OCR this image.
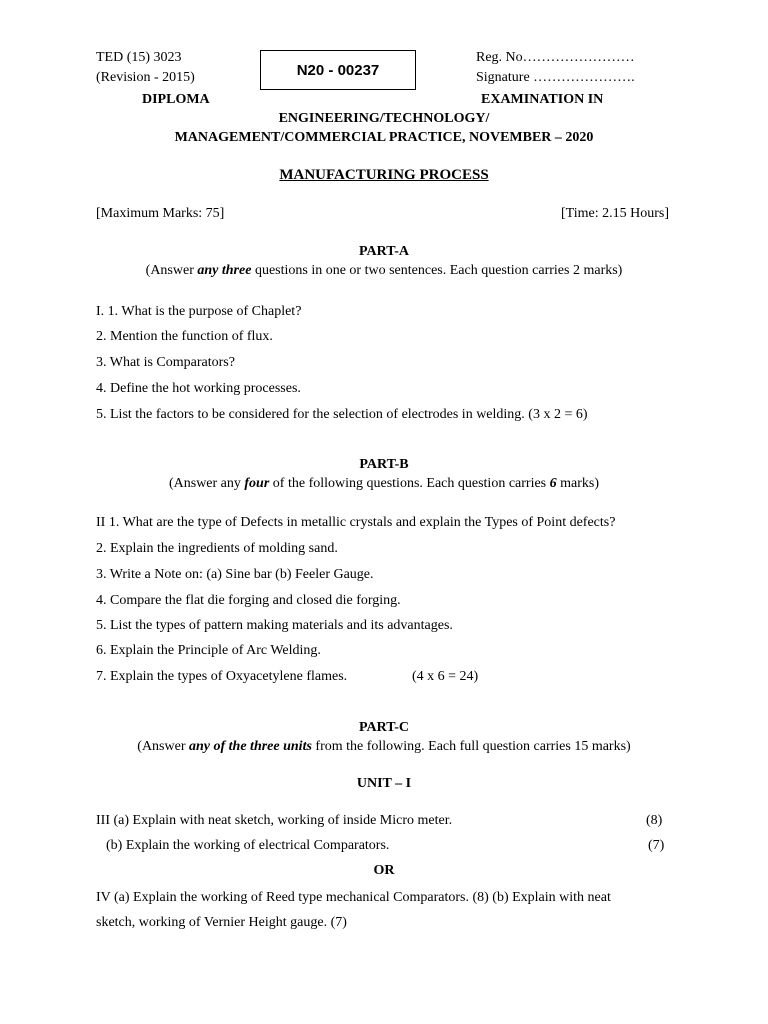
TED (15) 3023
(Revision - 2015)	N20 - 00237
Reg. No……………………
Signature ………………….
DIPLOMA	EXAMINATION IN
ENGINEERING/TECHNOLOGY/
MANAGEMENT/COMMERCIAL PRACTICE, NOVEMBER – 2020
MANUFACTURING PROCESS
[Maximum Marks: 75]	[Time: 2.15 Hours]
PART-A
(Answer any three questions in one or two sentences. Each question carries 2 marks)
I. 1. What is the purpose of Chaplet?
2. Mention the function of flux.
3. What is Comparators?
4. Define the hot working processes.
5. List the factors to be considered for the selection of electrodes in welding. (3 x 2 = 6)
PART-B
(Answer any four of the following questions. Each question carries 6 marks)
II 1. What are the type of Defects in metallic crystals and explain the Types of Point defects?
2. Explain the ingredients of molding sand.
3. Write a Note on: (a) Sine bar (b) Feeler Gauge.
4. Compare the flat die forging and closed die forging.
5. List the types of pattern making materials and its advantages.
6. Explain the Principle of Arc Welding.
7. Explain the types of Oxyacetylene flames.	(4 x 6 = 24)
PART-C
(Answer any of the three units from the following. Each full question carries 15 marks)
UNIT – I
III (a) Explain with neat sketch, working of inside Micro meter.	(8)
(b) Explain the working of electrical Comparators.	(7)
OR
IV (a) Explain the working of Reed type mechanical Comparators. (8) (b) Explain with neat
sketch, working of Vernier Height gauge. (7)
